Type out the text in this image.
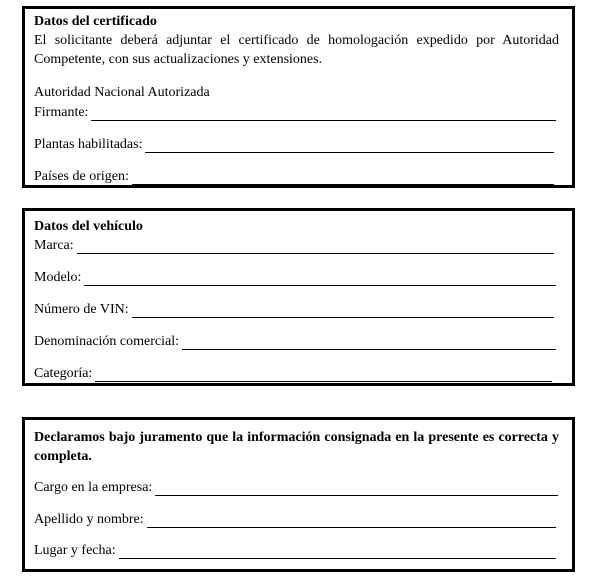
Datos del certificado
El solicitante deberá adjuntar el certificado de homologación expedido por Autoridad Competente, con sus actualizaciones y extensiones.
Autoridad Nacional Autorizada
Firmante:
Plantas habilitadas:
Países de origen:
Datos del vehículo
Marca:
Modelo:
Número de VIN:
Denominación comercial:
Categoría:
Declaramos bajo juramento que la información consignada en la presente es correcta y completa.
Cargo en la empresa:
Apellido y nombre:
Lugar y fecha:
